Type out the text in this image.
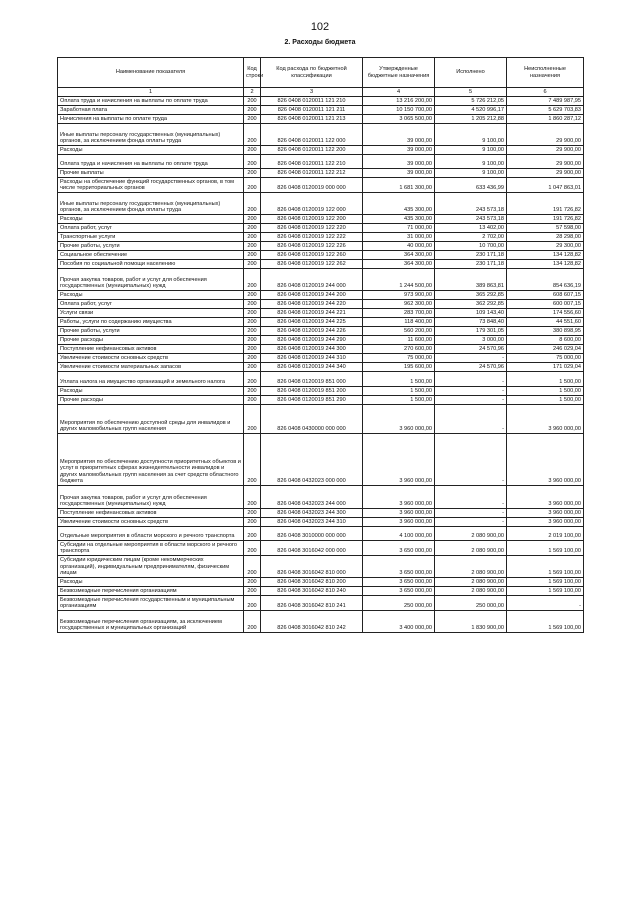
102
2. Расходы бюджета
Наименование показателя	Код строки	Код расхода по бюджетной классификации	Утвержденные бюджетные назначения	Исполнено	Неисполненные назначения
1	2	3	4	5	6
Оплата труда и начисления на выплаты по оплате труда	200	826 0408 0120011 121 210	13 216 200,00	5 726 212,05	7 489 987,95
Заработная плата	200	826 0408 0120011 121 211	10 150 700,00	4 520 996,17	5 629 703,83
Начисления на выплаты по оплате труда	200	826 0408 0120011 121 213	3 065 500,00	1 205 212,88	1 860 287,12
Иные выплаты персоналу государственных (муниципальных) органов, за исключением фонда оплаты труда	200	826 0408 0120011 122 000	39 000,00	9 100,00	29 900,00
Расходы	200	826 0408 0120011 122 200	39 000,00	9 100,00	29 900,00
Оплата труда и начисления на выплаты по оплате труда	200	826 0408 0120011 122 210	39 000,00	9 100,00	29 900,00
Прочие выплаты	200	826 0408 0120011 122 212	39 000,00	9 100,00	29 900,00
Расходы на обеспечение функций государственных органов, в том числе территориальных органов	200	826 0408 0120019 000 000	1 681 300,00	633 436,99	1 047 863,01
Иные выплаты персоналу государственных (муниципальных) органов, за исключением фонда оплаты труда	200	826 0408 0120019 122 000	435 300,00	243 573,18	191 726,82
Расходы	200	826 0408 0120019 122 200	435 300,00	243 573,18	191 726,82
Оплата работ, услуг	200	826 0408 0120019 122 220	71 000,00	13 402,00	57 598,00
Транспортные услуги	200	826 0408 0120019 122 222	31 000,00	2 702,00	28 298,00
Прочие работы, услуги	200	826 0408 0120019 122 226	40 000,00	10 700,00	29 300,00
Социальное обеспечение	200	826 0408 0120019 122 260	364 300,00	230 171,18	134 128,82
Пособия по социальной помощи населению	200	826 0408 0120019 122 262	364 300,00	230 171,18	134 128,82
Прочая закупка товаров, работ и услуг для обеспечения государственных (муниципальных) нужд	200	826 0408 0120019 244 000	1 244 500,00	389 863,81	854 636,19
Расходы	200	826 0408 0120019 244 200	973 900,00	365 292,85	608 607,15
Оплата работ, услуг	200	826 0408 0120019 244 220	962 300,00	362 292,85	600 007,15
Услуги связи	200	826 0408 0120019 244 221	283 700,00	109 143,40	174 556,60
Работы, услуги по содержанию имущества	200	826 0408 0120019 244 225	118 400,00	73 848,40	44 551,60
Прочие работы, услуги	200	826 0408 0120019 244 226	560 200,00	179 301,05	380 898,95
Прочие расходы	200	826 0408 0120019 244 290	11 600,00	3 000,00	8 600,00
Поступление нефинансовых активов	200	826 0408 0120019 244 300	270 600,00	24 570,96	246 029,04
Увеличение стоимости основных средств	200	826 0408 0120019 244 310	75 000,00	-	75 000,00
Увеличение стоимости материальных запасов	200	826 0408 0120019 244 340	195 600,00	24 570,96	171 029,04
Уплата налога на имущество организаций и земельного налога	200	826 0408 0120019 851 000	1 500,00	-	1 500,00
Расходы	200	826 0408 0120019 851 200	1 500,00	-	1 500,00
Прочие расходы	200	826 0408 0120019 851 290	1 500,00	-	1 500,00
Мероприятия по обеспечению доступной среды для инвалидов и других маломобильных групп населения	200	826 0408 0430000 000 000	3 960 000,00	-	3 960 000,00
Мероприятия по обеспечению доступности приоритетных объектов и услуг в приоритетных сферах жизнедеятельности инвалидов и других маломобильных групп населения за счет средств областного бюджета	200	826 0408 0432023 000 000	3 960 000,00	-	3 960 000,00
Прочая закупка товаров, работ и услуг для обеспечения государственных (муниципальных) нужд	200	826 0408 0432023 244 000	3 960 000,00	-	3 960 000,00
Поступление нефинансовых активов	200	826 0408 0432023 244 300	3 960 000,00	-	3 960 000,00
Увеличение стоимости основных средств	200	826 0408 0432023 244 310	3 960 000,00	-	3 960 000,00
Отдельные мероприятия в области морского и речного транспорта	200	826 0408 3010000 000 000	4 100 000,00	2 080 900,00	2 019 100,00
Субсидии на отдельные мероприятия в области морского и речного транспорта	200	826 0408 3016042 000 000	3 650 000,00	2 080 900,00	1 569 100,00
Субсидии юридическим лицам (кроме некоммерческих организаций), индивидуальным предпринимателям, физическим лицам	200	826 0408 3016042 810 000	3 650 000,00	2 080 900,00	1 569 100,00
Расходы	200	826 0408 3016042 810 200	3 650 000,00	2 080 900,00	1 569 100,00
Безвозмездные перечисления организациям	200	826 0408 3016042 810 240	3 650 000,00	2 080 900,00	1 569 100,00
Безвозмездные перечисления государственным и муниципальным организациям	200	826 0408 3016042 810 241	250 000,00	250 000,00	-
Безвозмездные перечисления организациям, за исключением государственных и муниципальных организаций	200	826 0408 3016042 810 242	3 400 000,00	1 830 900,00	1 569 100,00
